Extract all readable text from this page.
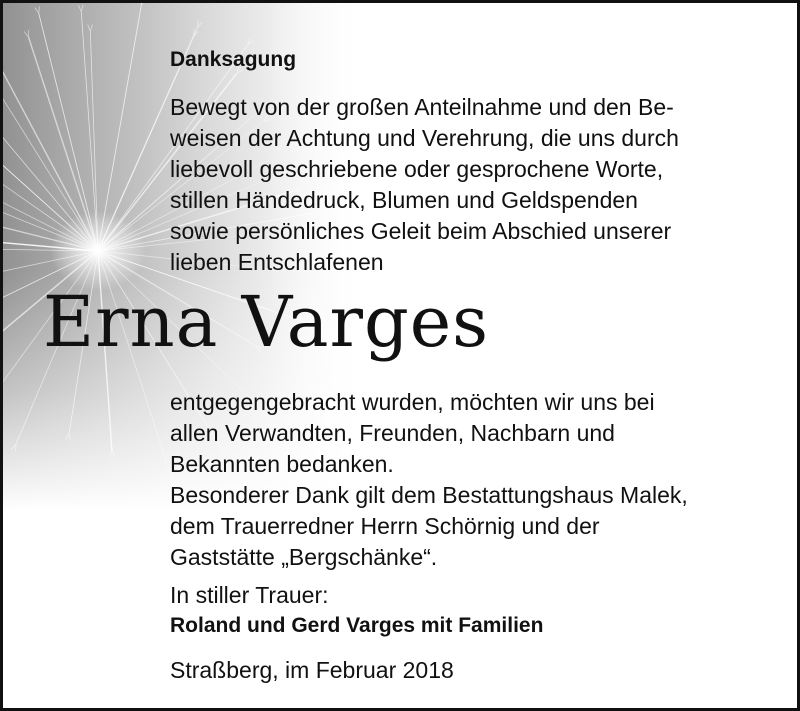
Danksagung
Bewegt von der großen Anteilnahme und den Be-
weisen der Achtung und Verehrung, die uns durch
liebevoll geschriebene oder gesprochene Worte,
stillen Händedruck, Blumen und Geldspenden
sowie persönliches Geleit beim Abschied unserer
lieben Entschlafenen
Erna Varges
entgegengebracht wurden, möchten wir uns bei
allen Verwandten, Freunden, Nachbarn und
Bekannten bedanken.
Besonderer Dank gilt dem Bestattungshaus Malek,
dem Trauerredner Herrn Schörnig und der
Gaststätte „Bergschänke“.
In stiller Trauer:
Roland und Gerd Varges mit Familien
Straßberg, im Februar 2018
